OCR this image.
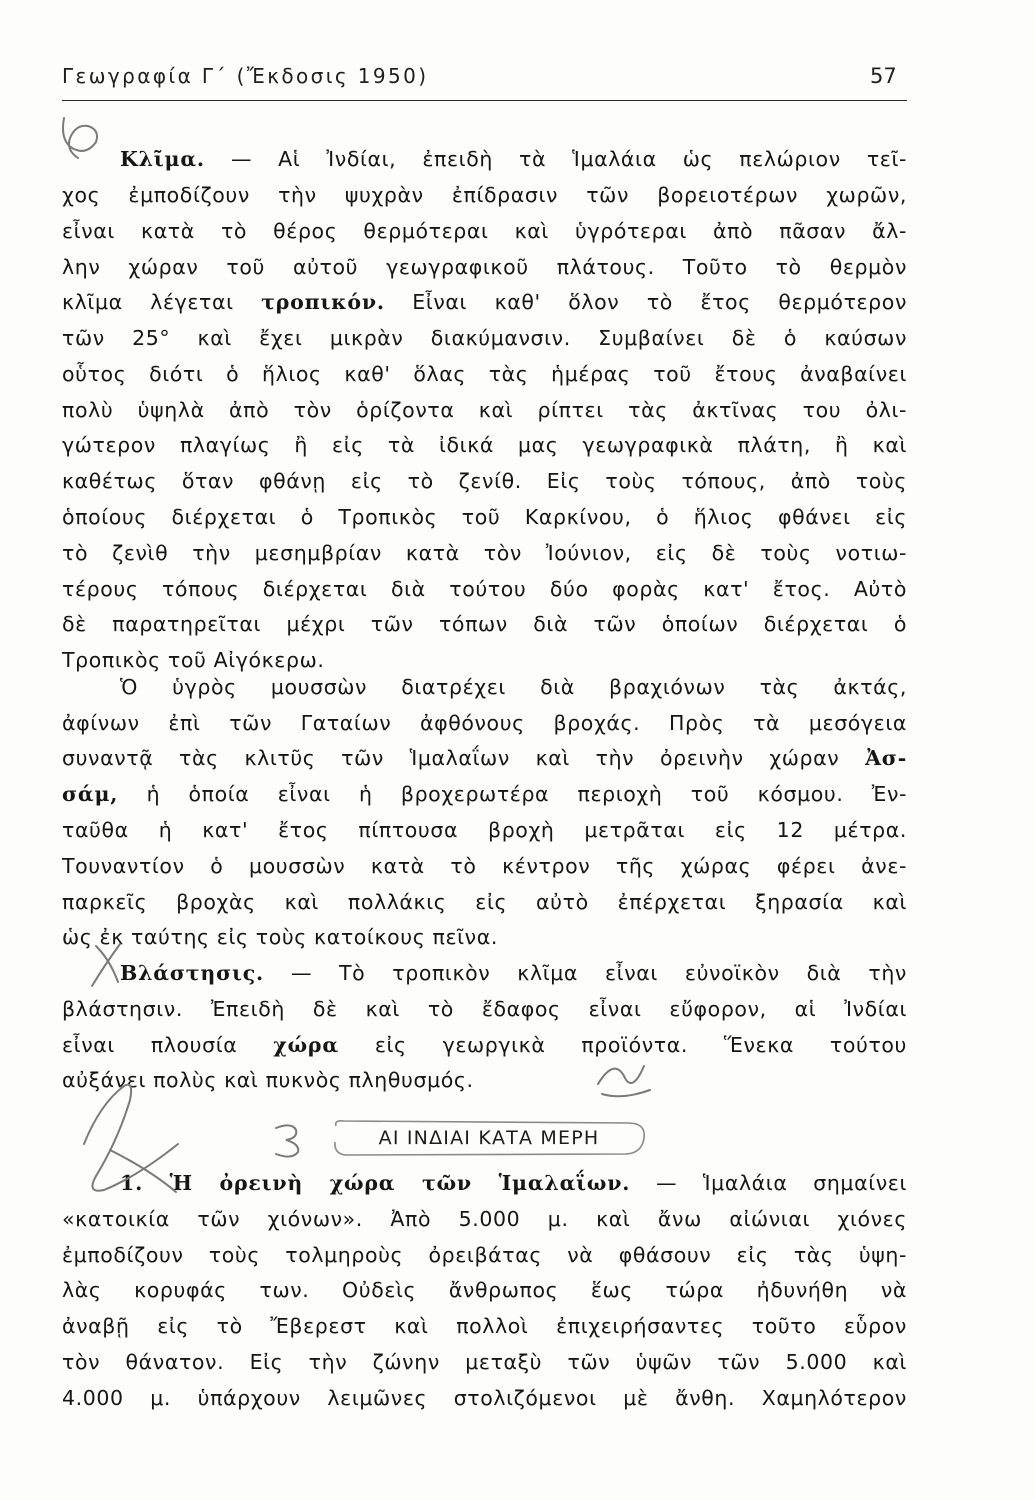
Γεωγραφία Γ΄ (Ἔκδοσις 1950)	57
Κλῖμα. — Αἱ Ἰνδίαι, ἐπειδὴ τὰ Ἱμαλάια ὡς πελώριον τεῖ-
χος ἐμποδίζουν τὴν ψυχρὰν ἐπίδρασιν τῶν βορειοτέρων χωρῶν,
εἶναι κατὰ τὸ θέρος θερμότεραι καὶ ὑγρότεραι ἀπὸ πᾶσαν ἄλ-
λην χώραν τοῦ αὐτοῦ γεωγραφικοῦ πλάτους. Τοῦτο τὸ θερμὸν
κλῖμα λέγεται τροπικόν. Εἶναι καθ' ὅλον τὸ ἔτος θερμότερον
τῶν 25° καὶ ἔχει μικρὰν διακύμανσιν. Συμβαίνει δὲ ὁ καύσων
οὗτος διότι ὁ ἥλιος καθ' ὅλας τὰς ἡμέρας τοῦ ἔτους ἀναβαίνει
πολὺ ὑψηλὰ ἀπὸ τὸν ὁρίζοντα καὶ ρίπτει τὰς ἀκτῖνας του ὀλι-
γώτερον πλαγίως ἢ εἰς τὰ ἰδικά μας γεωγραφικὰ πλάτη, ἢ καὶ
καθέτως ὅταν φθάνῃ εἰς τὸ ζενίθ. Εἰς τοὺς τόπους, ἀπὸ τοὺς
ὁποίους διέρχεται ὁ Τροπικὸς τοῦ Καρκίνου, ὁ ἥλιος φθάνει εἰς
τὸ ζενὶθ τὴν μεσημβρίαν κατὰ τὸν Ἰούνιον, εἰς δὲ τοὺς νοτιω-
τέρους τόπους διέρχεται διὰ τούτου δύο φορὰς κατ' ἔτος. Αὐτὸ
δὲ παρατηρεῖται μέχρι τῶν τόπων διὰ τῶν ὁποίων διέρχεται ὁ
Τροπικὸς τοῦ Αἰγόκερω.
Ὁ ὑγρὸς μουσσὼν διατρέχει διὰ βραχιόνων τὰς ἀκτάς,
ἀφίνων ἐπὶ τῶν Γαταίων ἀφθόνους βροχάς. Πρὸς τὰ μεσόγεια
συναντᾷ τὰς κλιτῦς τῶν Ἱμαλαΐων καὶ τὴν ὀρεινὴν χώραν Ἀσ-
σάμ, ἡ ὁποία εἶναι ἡ βροχερωτέρα περιοχὴ τοῦ κόσμου. Ἐν-
ταῦθα ἡ κατ' ἔτος πίπτουσα βροχὴ μετρᾶται εἰς 12 μέτρα.
Τουναντίον ὁ μουσσὼν κατὰ τὸ κέντρον τῆς χώρας φέρει ἀνε-
παρκεῖς βροχὰς καὶ πολλάκις εἰς αὐτὸ ἐπέρχεται ξηρασία καὶ
ὡς ἐκ ταύτης εἰς τοὺς κατοίκους πεῖνα.
Βλάστησις. — Τὸ τροπικὸν κλῖμα εἶναι εὐνοϊκὸν διὰ τὴν
βλάστησιν. Ἐπειδὴ δὲ καὶ τὸ ἔδαφος εἶναι εὔφορον, αἱ Ἰνδίαι
εἶναι πλουσία χώρα εἰς γεωργικὰ προϊόντα. Ἕνεκα τούτου
αὐξάνει πολὺς καὶ πυκνὸς πληθυσμός.
ΑΙ ΙΝΔΙΑΙ ΚΑΤΑ ΜΕΡΗ
1. Ἡ ὀρεινὴ χώρα τῶν Ἱμαλαΐων. — Ἱμαλάια σημαίνει
«κατοικία τῶν χιόνων». Ἀπὸ 5.000 μ. καὶ ἄνω αἰώνιαι χιόνες
ἐμποδίζουν τοὺς τολμηροὺς ὀρειβάτας νὰ φθάσουν εἰς τὰς ὑψη-
λὰς κορυφάς των. Οὐδεὶς ἄνθρωπος ἕως τώρα ἠδυνήθη νὰ
ἀναβῇ εἰς τὸ Ἔβερεστ καὶ πολλοὶ ἐπιχειρήσαντες τοῦτο εὗρον
τὸν θάνατον. Εἰς τὴν ζώνην μεταξὺ τῶν ὑψῶν τῶν 5.000 καὶ
4.000 μ. ὑπάρχουν λειμῶνες στολιζόμενοι μὲ ἄνθη. Χαμηλότερον
